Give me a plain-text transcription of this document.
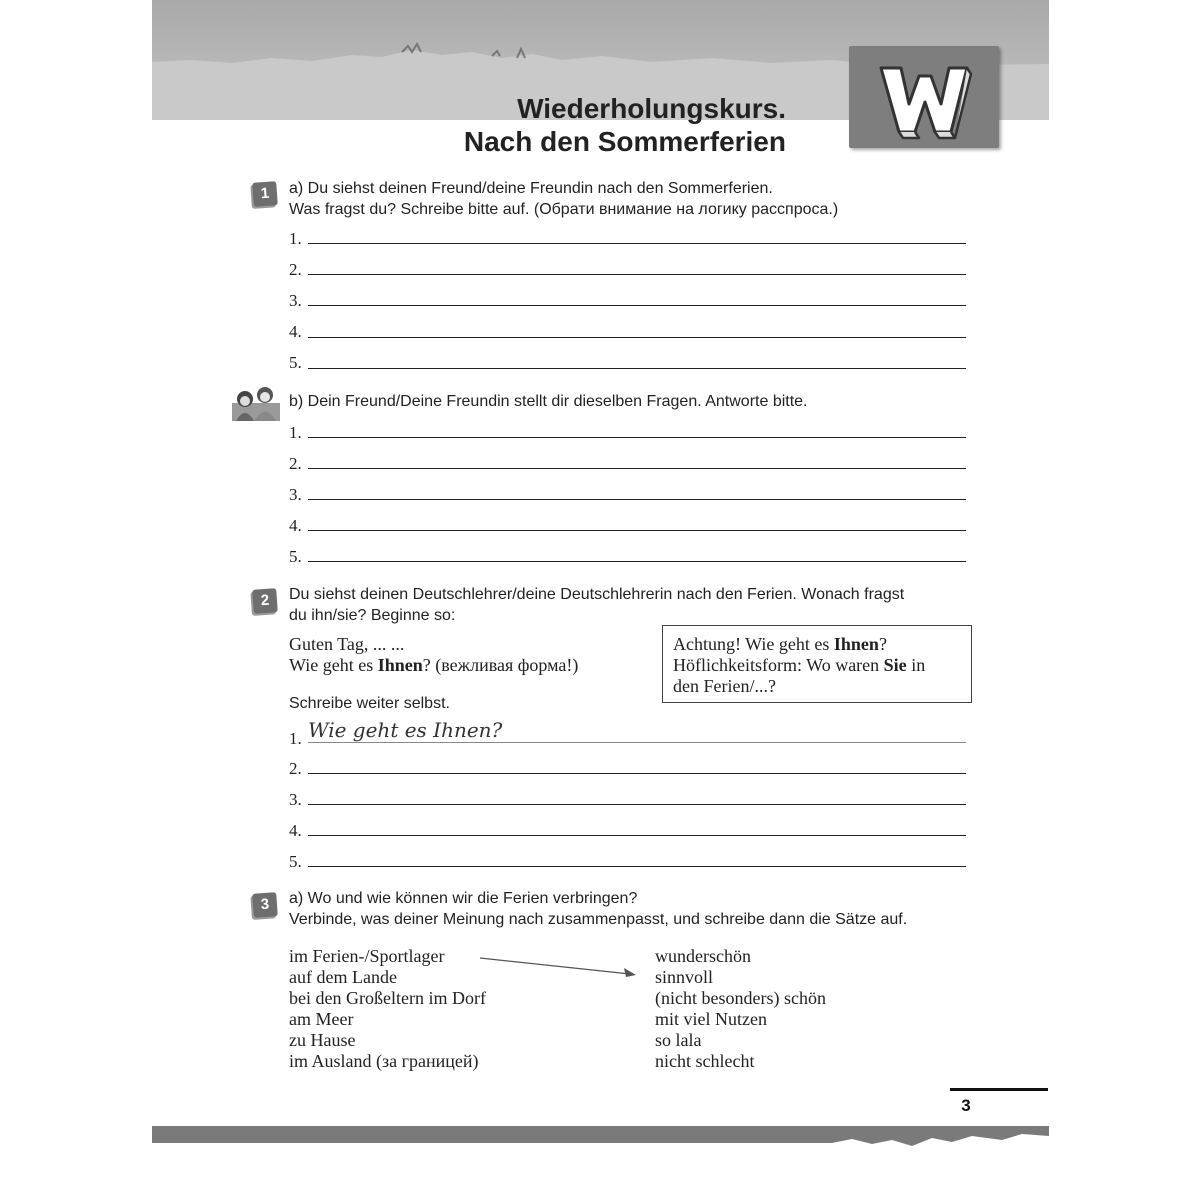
Wiederholungskurs.
Nach den Sommerferien
1	a) Du siehst deinen Freund/deine Freundin nach den Sommerferien.
Was fragst du? Schreibe bitte auf. (Обрати внимание на логику расспроса.)
1.
2.
3.
4.
5.
b) Dein Freund/Deine Freundin stellt dir dieselben Fragen. Antworte bitte.
1.
2.
3.
4.
5.
2	Du siehst deinen Deutschlehrer/deine Deutschlehrerin nach den Ferien. Wonach fragst
du ihn/sie? Beginne so:
Guten Tag, ... ...
Wie geht es Ihnen? (вежливая форма!)
Achtung! Wie geht es Ihnen?
Höflichkeitsform: Wo waren Sie in
den Ferien/...?
Schreibe weiter selbst.
1. Wie geht es Ihnen?
2.
3.
4.
5.
3	a) Wo und wie können wir die Ferien verbringen?
Verbinde, was deiner Meinung nach zusammenpasst, und schreibe dann die Sätze auf.
im Ferien-/Sportlager
auf dem Lande
bei den Großeltern im Dorf
am Meer
zu Hause
im Ausland (за границей)
wunderschön
sinnvoll
(nicht besonders) schön
mit viel Nutzen
so lala
nicht schlecht
3
